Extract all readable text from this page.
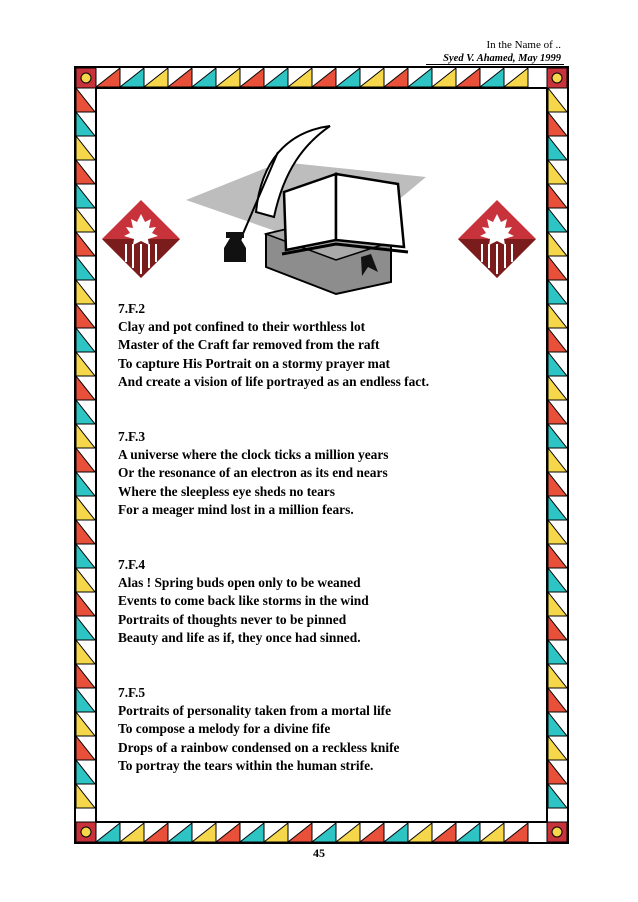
In the Name of ..
Syed V. Ahamed, May 1999
7.F.2
Clay and pot confined to their worthless lot
Master of the Craft far removed from the raft
To capture His Portrait on a stormy prayer mat
And create a vision of life portrayed as an endless fact.
7.F.3
A universe where the clock ticks a million years
Or the resonance of an electron as its end nears
Where the sleepless eye sheds no tears
For a meager mind lost in a million fears.
7.F.4
Alas ! Spring buds open only to be weaned
Events to come back like storms in the wind
Portraits of thoughts never to be pinned
Beauty and life as if, they once had sinned.
7.F.5
Portraits of personality taken from a mortal life
To compose a melody for a divine fife
Drops of a rainbow condensed on a reckless knife
To portray the tears within the human strife.
45
